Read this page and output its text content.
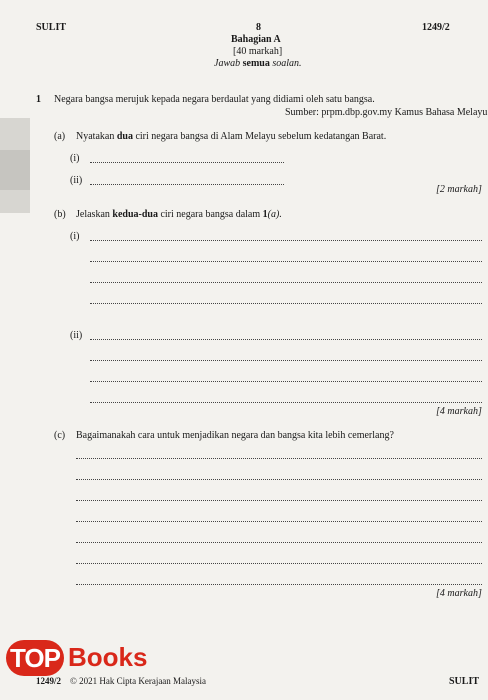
SULIT	8	1249/2
Bahagian A
[40 markah]
Jawab semua soalan.
1 Negara bangsa merujuk kepada negara berdaulat yang didiami oleh satu bangsa.
Sumber: prpm.dbp.gov.my Kamus Bahasa Melayu
(a) Nyatakan dua ciri negara bangsa di Alam Melayu sebelum kedatangan Barat.
(i)
(ii)
[2 markah]
(b) Jelaskan kedua-dua ciri negara bangsa dalam 1(a).
(i)
(ii)
[4 markah]
(c) Bagaimanakah cara untuk menjadikan negara dan bangsa kita lebih cemerlang?
[4 markah]
TOP Books
1249/2 © 2021 Hak Cipta Kerajaan Malaysia	SULIT
